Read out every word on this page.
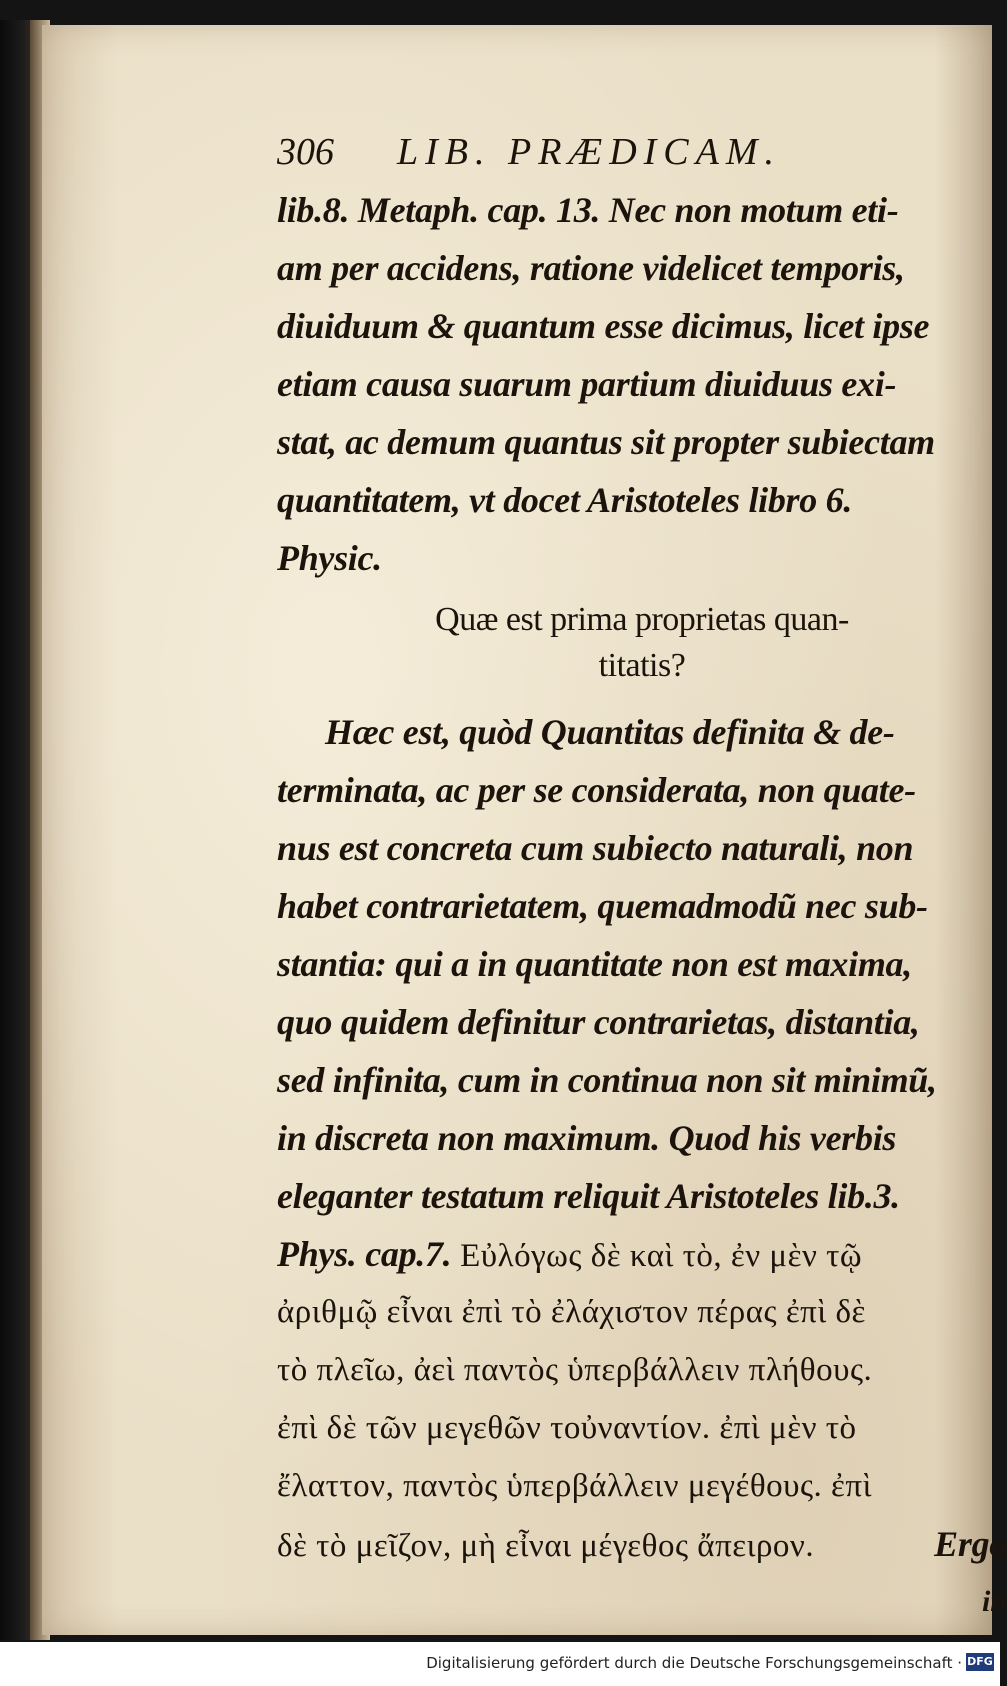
306	LIB. PRÆDICAM.
lib.8. Metaph. cap. 13. Nec non motum eti-
am per accidens, ratione videlicet temporis,
diuiduum & quantum esse dicimus, licet ipse
etiam causa suarum partium diuiduus exi-
stat, ac demum quantus sit propter subiectam
quantitatem, vt docet Aristoteles libro 6.
Physic.
Quæ est prima proprietas quan-
titatis?
Hæc est, quòd Quantitas definita & de-
terminata, ac per se considerata, non quate-
nus est concreta cum subiecto naturali, non
habet contrarietatem, quemadmodũ nec sub-
stantia: qui a in quantitate non est maxima,
quo quidem definitur contrarietas, distantia,
sed infinita, cum in continua non sit minimũ,
in discreta non maximum. Quod his verbis
eleganter testatum reliquit Aristoteles lib.3.
Phys. cap.7. Εὐλόγως δὲ καὶ τὸ, ἐν μὲν τῷ
ἀριθμῷ εἶναι ἐπὶ τὸ ἐλάχιστον πέρας ἐπὶ δὲ
τὸ πλεῖω, ἀεὶ παντὸς ὑπερβάλλειν πλήθους.
ἐπὶ δὲ τῶν μεγεθῶν τοὐναντίον. ἐπὶ μὲν τὸ
ἔλαττον, παντὸς ὑπερβάλλειν μεγέθους. ἐπὶ
δὲ τὸ μεῖζον, μὴ εἶναι μέγεθος ἄπειρον.	Ergo
in
Digitalisierung gefördert durch die Deutsche Forschungsgemeinschaft · DFG
